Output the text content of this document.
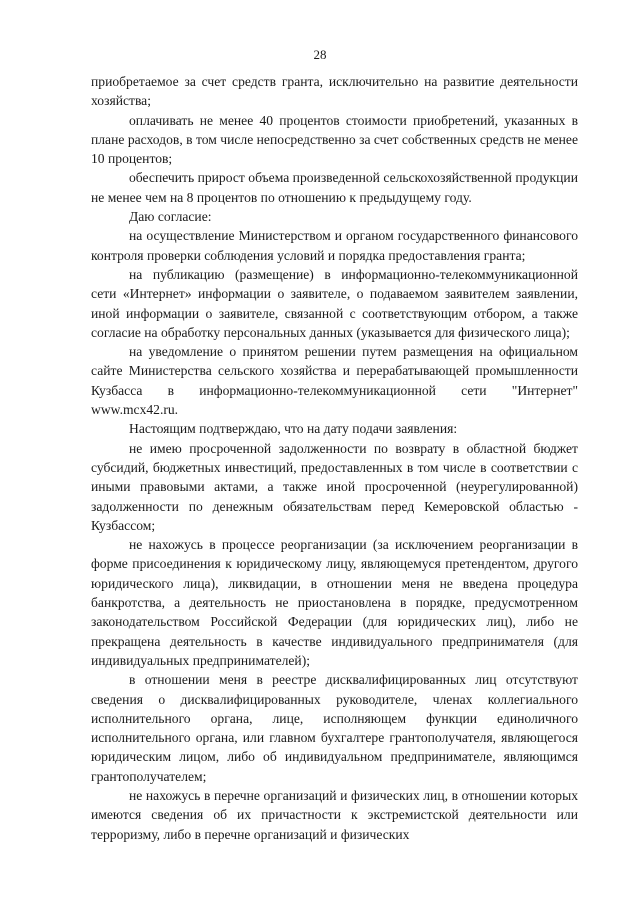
28

приобретаемое за счет средств гранта, исключительно на развитие деятельности хозяйства;

оплачивать не менее 40 процентов стоимости приобретений, указанных в плане расходов, в том числе непосредственно за счет собственных средств не менее 10 процентов;

обеспечить прирост объема произведенной сельскохозяйственной продукции не менее чем на 8 процентов по отношению к предыдущему году.

Даю согласие:

на осуществление Министерством и органом государственного финансового контроля проверки соблюдения условий и порядка предоставления гранта;

на публикацию (размещение) в информационно-телекоммуникационной сети «Интернет» информации о заявителе, о подаваемом заявителем заявлении, иной информации о заявителе, связанной с соответствующим отбором, а также согласие на обработку персональных данных (указывается для физического лица);

на уведомление о принятом решении путем размещения на официальном сайте Министерства сельского хозяйства и перерабатывающей промышленности Кузбасса в информационно-телекоммуникационной сети "Интернет" www.mcx42.ru.

Настоящим подтверждаю, что на дату подачи заявления:

не имею просроченной задолженности по возврату в областной бюджет субсидий, бюджетных инвестиций, предоставленных в том числе в соответствии с иными правовыми актами, а также иной просроченной (неурегулированной) задолженности по денежным обязательствам перед Кемеровской областью - Кузбассом;

не нахожусь в процессе реорганизации (за исключением реорганизации в форме присоединения к юридическому лицу, являющемуся претендентом, другого юридического лица), ликвидации, в отношении меня не введена процедура банкротства, а деятельность не приостановлена в порядке, предусмотренном законодательством Российской Федерации (для юридических лиц), либо не прекращена деятельность в качестве индивидуального предпринимателя (для индивидуальных предпринимателей);

в отношении меня в реестре дисквалифицированных лиц отсутствуют сведения о дисквалифицированных руководителе, членах коллегиального исполнительного органа, лице, исполняющем функции единоличного исполнительного органа, или главном бухгалтере грантополучателя, являющегося юридическим лицом, либо об индивидуальном предпринимателе, являющимся грантополучателем;

не нахожусь в перечне организаций и физических лиц, в отношении которых имеются сведения об их причастности к экстремистской деятельности или терроризму, либо в перечне организаций и физических
